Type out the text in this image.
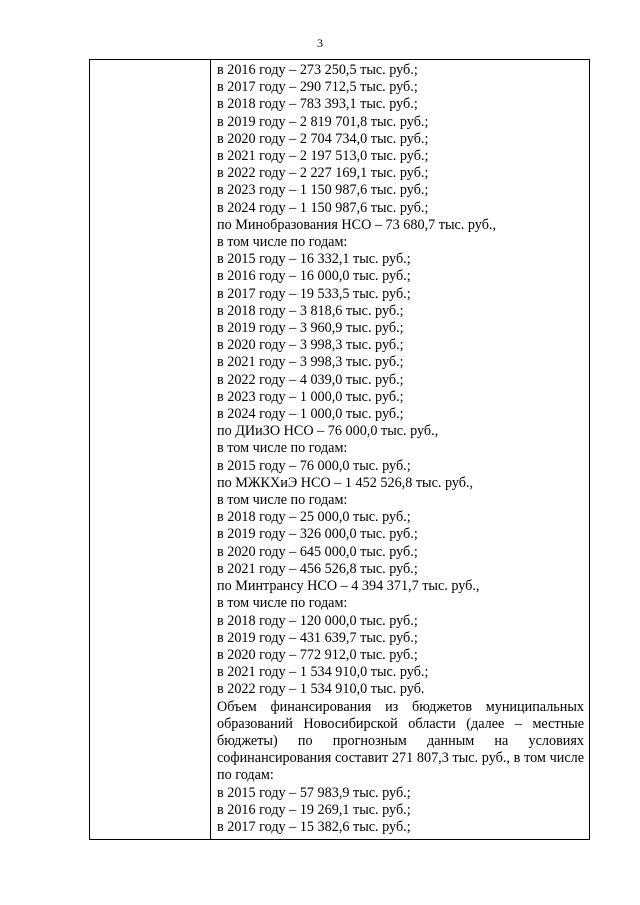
3
в 2016 году – 273 250,5 тыс. руб.;
в 2017 году – 290 712,5 тыс. руб.;
в 2018 году – 783 393,1 тыс. руб.;
в 2019 году – 2 819 701,8 тыс. руб.;
в 2020 году – 2 704 734,0 тыс. руб.;
в 2021 году – 2 197 513,0 тыс. руб.;
в 2022 году – 2 227 169,1 тыс. руб.;
в 2023 году – 1 150 987,6 тыс. руб.;
в 2024 году – 1 150 987,6 тыс. руб.;
по Минобразования НСО – 73 680,7 тыс. руб.,
в том числе по годам:
в 2015 году – 16 332,1 тыс. руб.;
в 2016 году – 16 000,0 тыс. руб.;
в 2017 году – 19 533,5 тыс. руб.;
в 2018 году – 3 818,6 тыс. руб.;
в 2019 году – 3 960,9 тыс. руб.;
в 2020 году – 3 998,3 тыс. руб.;
в 2021 году – 3 998,3 тыс. руб.;
в 2022 году – 4 039,0 тыс. руб.;
в 2023 году – 1 000,0 тыс. руб.;
в 2024 году – 1 000,0 тыс. руб.;
по ДИиЗО НСО – 76 000,0 тыс. руб.,
в том числе по годам:
в 2015 году – 76 000,0 тыс. руб.;
по МЖКХиЭ НСО – 1 452 526,8 тыс. руб.,
в том числе по годам:
в 2018 году – 25 000,0 тыс. руб.;
в 2019 году – 326 000,0 тыс. руб.;
в 2020 году – 645 000,0 тыс. руб.;
в 2021 году – 456 526,8 тыс. руб.;
по Минтрансу НСО – 4 394 371,7 тыс. руб.,
в том числе по годам:
в 2018 году – 120 000,0 тыс. руб.;
в 2019 году – 431 639,7 тыс. руб.;
в 2020 году – 772 912,0 тыс. руб.;
в 2021 году – 1 534 910,0 тыс. руб.;
в 2022 году – 1 534 910,0 тыс. руб.
Объем финансирования из бюджетов муниципальных образований Новосибирской области (далее – местные бюджеты) по прогнозным данным на условиях софинансирования составит 271 807,3 тыс. руб., в том числе по годам:
в 2015 году – 57 983,9 тыс. руб.;
в 2016 году – 19 269,1 тыс. руб.;
в 2017 году – 15 382,6 тыс. руб.;
